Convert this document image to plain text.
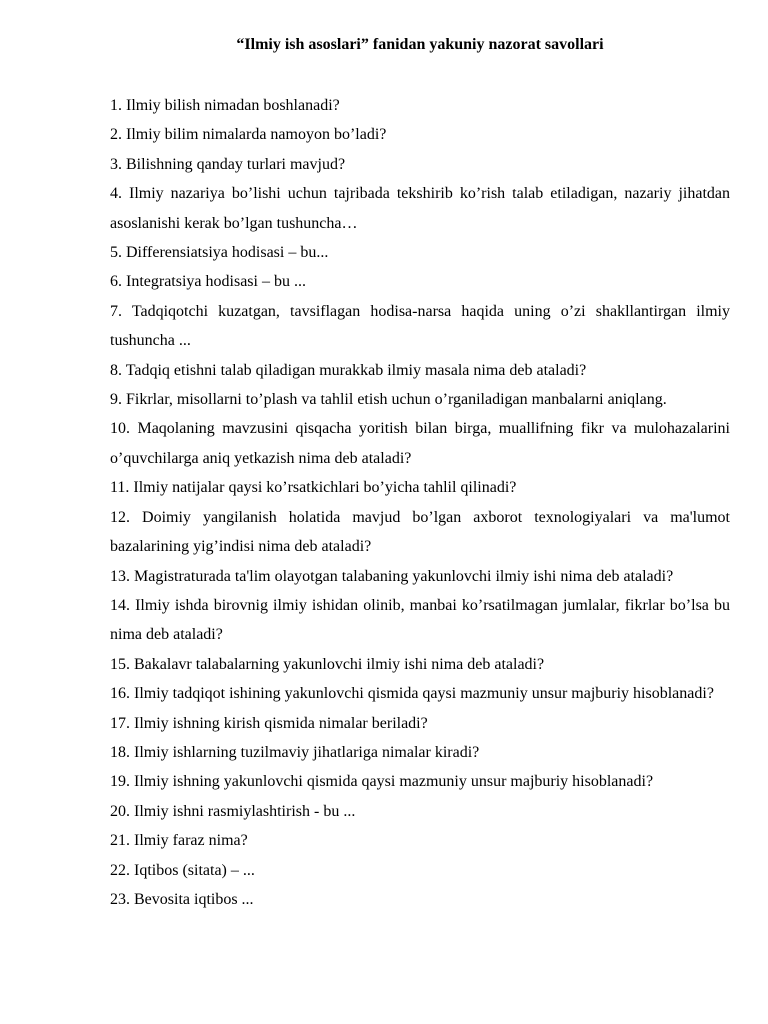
“Ilmiy ish asoslari” fanidan yakuniy nazorat savollari
1. Ilmiy bilish nimadan boshlanadi?
2. Ilmiy bilim nimalarda namoyon bo’ladi?
3. Bilishning qanday turlari mavjud?
4. Ilmiy nazariya bo’lishi uchun tajribada tekshirib ko’rish talab etiladigan, nazariy jihatdan asoslanishi kerak bo’lgan tushuncha…
5. Differensiatsiya hodisasi – bu...
6. Integratsiya hodisasi – bu ...
7. Tadqiqotchi kuzatgan, tavsiflagan hodisa-narsa haqida uning o’zi shakllantirgan ilmiy tushuncha ...
8. Tadqiq etishni talab qiladigan murakkab ilmiy masala nima deb ataladi?
9. Fikrlar, misollarni to’plash va tahlil etish uchun o’rganiladigan manbalarni aniqlang.
10. Maqolaning mavzusini qisqacha yoritish bilan birga, muallifning fikr va mulohazalarini o’quvchilarga aniq yetkazish nima deb ataladi?
11. Ilmiy natijalar qaysi ko’rsatkichlari bo’yicha tahlil qilinadi?
12. Doimiy yangilanish holatida mavjud bo’lgan axborot texnologiyalari va ma'lumot bazalarining yig’indisi nima deb ataladi?
13. Magistraturada ta'lim olayotgan talabaning yakunlovchi ilmiy ishi nima deb ataladi?
14. Ilmiy ishda birovnig ilmiy ishidan olinib, manbai ko’rsatilmagan jumlalar, fikrlar bo’lsa bu nima deb ataladi?
15. Bakalavr talabalarning yakunlovchi ilmiy ishi nima deb ataladi?
16. Ilmiy tadqiqot ishining yakunlovchi qismida qaysi mazmuniy unsur majburiy hisoblanadi?
17. Ilmiy ishning kirish qismida nimalar beriladi?
18. Ilmiy ishlarning tuzilmaviy jihatlariga nimalar kiradi?
19. Ilmiy ishning yakunlovchi qismida qaysi mazmuniy unsur majburiy hisoblanadi?
20. Ilmiy ishni rasmiylashtirish - bu ...
21. Ilmiy faraz nima?
22. Iqtibos (sitata) – ...
23. Bevosita iqtibos ...
